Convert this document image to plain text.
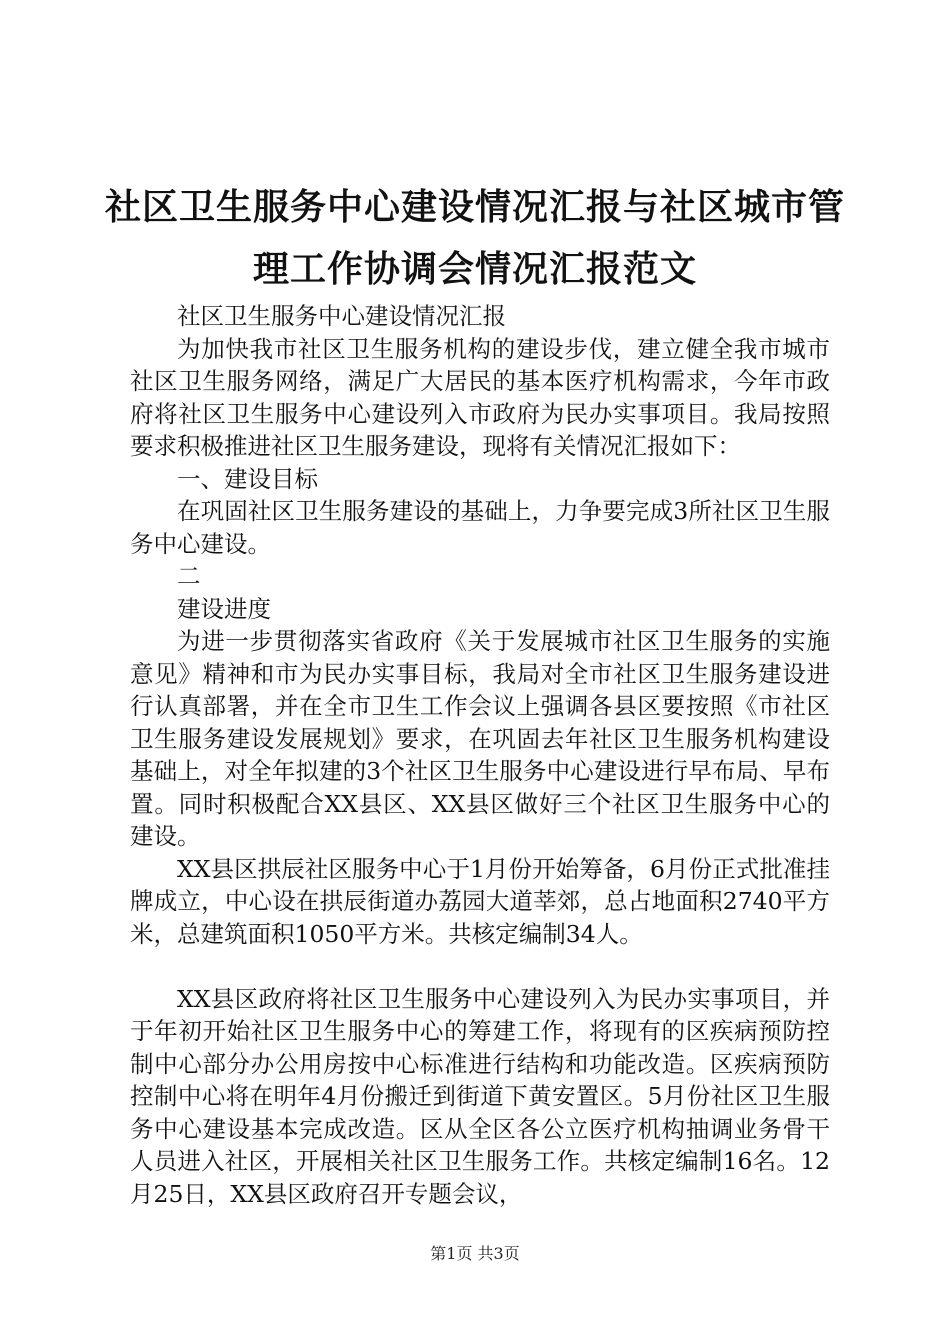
社区卫生服务中心建设情况汇报与社区城市管
理工作协调会情况汇报范文

社区卫生服务中心建设情况汇报

为加快我市社区卫生服务机构的建设步伐，建立健全我市城市社区卫生服务网络，满足广大居民的基本医疗机构需求，今年市政府将社区卫生服务中心建设列入市政府为民办实事项目。我局按照要求积极推进社区卫生服务建设，现将有关情况汇报如下：

一、建设目标

在巩固社区卫生服务建设的基础上，力争要完成3所社区卫生服务中心建设。

二

建设进度

为进一步贯彻落实省政府《关于发展城市社区卫生服务的实施意见》精神和市为民办实事目标，我局对全市社区卫生服务建设进行认真部署，并在全市卫生工作会议上强调各县区要按照《市社区卫生服务建设发展规划》要求，在巩固去年社区卫生服务机构建设基础上，对全年拟建的3个社区卫生服务中心建设进行早布局、早布置。同时积极配合XX县区、XX县区做好三个社区卫生服务中心的建设。

XX县区拱辰社区服务中心于1月份开始筹备，6月份正式批准挂牌成立，中心设在拱辰街道办荔园大道莘郊，总占地面积2740平方米，总建筑面积1050平方米。共核定编制34人。

XX县区政府将社区卫生服务中心建设列入为民办实事项目，并于年初开始社区卫生服务中心的筹建工作，将现有的区疾病预防控制中心部分办公用房按中心标准进行结构和功能改造。区疾病预防控制中心将在明年4月份搬迁到街道下黄安置区。5月份社区卫生服务中心建设基本完成改造。区从全区各公立医疗机构抽调业务骨干人员进入社区，开展相关社区卫生服务工作。共核定编制16名。12月25日，XX县区政府召开专题会议，

第1页 共3页
